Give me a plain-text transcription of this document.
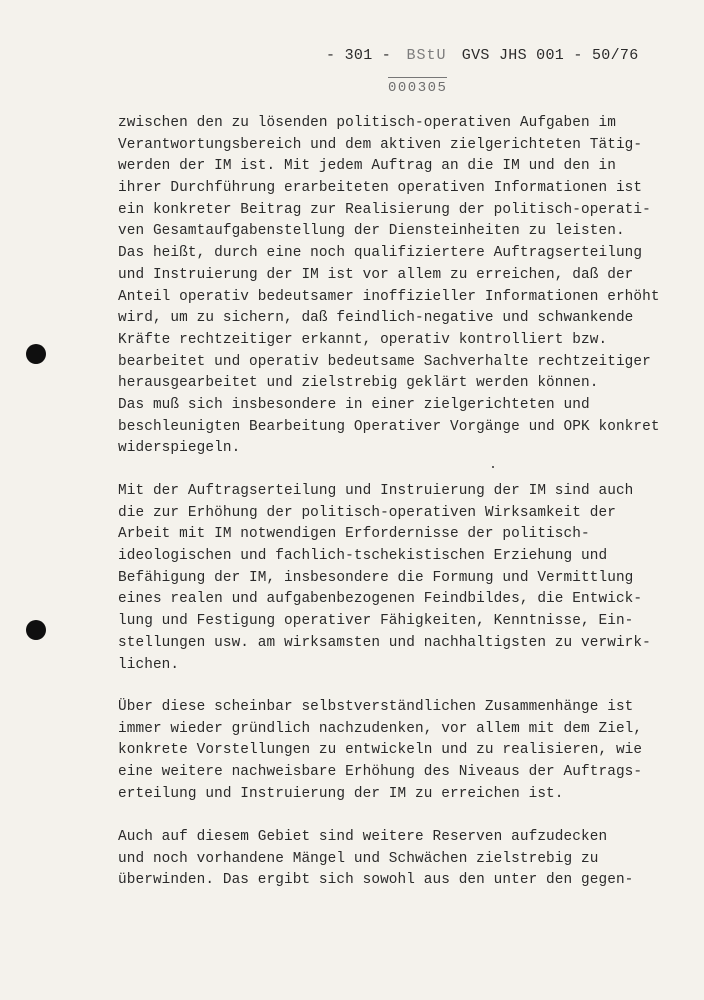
- 301 - BStU GVS JHS 001 - 50/76
000305
zwischen den zu lösenden politisch-operativen Aufgaben im
Verantwortungsbereich und dem aktiven zielgerichteten Tätig-
werden der IM ist. Mit jedem Auftrag an die IM und den in
ihrer Durchführung erarbeiteten operativen Informationen ist
ein konkreter Beitrag zur Realisierung der politisch-operati-
ven Gesamtaufgabenstellung der Diensteinheiten zu leisten.
Das heißt, durch eine noch qualifiziertere Auftragserteilung
und Instruierung der IM ist vor allem zu erreichen, daß der
Anteil operativ bedeutsamer inoffizieller Informationen erhöht
wird, um zu sichern, daß feindlich-negative und schwankende
Kräfte rechtzeitiger erkannt, operativ kontrolliert bzw.
bearbeitet und operativ bedeutsame Sachverhalte rechtzeitiger
herausgearbeitet und zielstrebig geklärt werden können.
Das muß sich insbesondere in einer zielgerichteten und
beschleunigten Bearbeitung Operativer Vorgänge und OPK konkret
widerspiegeln.
Mit der Auftragserteilung und Instruierung der IM sind auch
die zur Erhöhung der politisch-operativen Wirksamkeit der
Arbeit mit IM notwendigen Erfordernisse der politisch-
ideologischen und fachlich-tschekistischen Erziehung und
Befähigung der IM, insbesondere die Formung und Vermittlung
eines realen und aufgabenbezogenen Feindbildes, die Entwick-
lung und Festigung operativer Fähigkeiten, Kenntnisse, Ein-
stellungen usw. am wirksamsten und nachhaltigsten zu verwirk-
lichen.
Über diese scheinbar selbstverständlichen Zusammenhänge ist
immer wieder gründlich nachzudenken, vor allem mit dem Ziel,
konkrete Vorstellungen zu entwickeln und zu realisieren, wie
eine weitere nachweisbare Erhöhung des Niveaus der Auftrags-
erteilung und Instruierung der IM zu erreichen ist.
Auch auf diesem Gebiet sind weitere Reserven aufzudecken
und noch vorhandene Mängel und Schwächen zielstrebig zu
überwinden. Das ergibt sich sowohl aus den unter den gegen-
